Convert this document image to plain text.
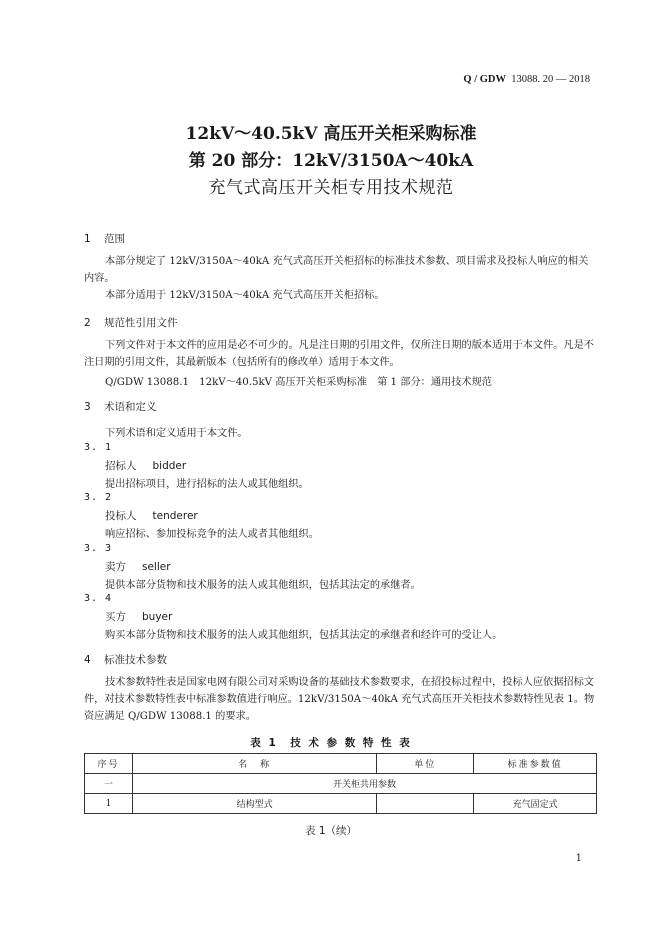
Q / GDW 13088. 20 — 2018
12kV～40.5kV 高压开关柜采购标准
第 20 部分：12kV/3150A～40kA
充气式高压开关柜专用技术规范
1 范围
本部分规定了 12kV/3150A～40kA 充气式高压开关柜招标的标准技术参数、项目需求及投标人响应的相关内容。
本部分适用于 12kV/3150A～40kA 充气式高压开关柜招标。
2 规范性引用文件
下列文件对于本文件的应用是必不可少的。凡是注日期的引用文件，仅所注日期的版本适用于本文件。凡是不注日期的引用文件，其最新版本（包括所有的修改单）适用于本文件。
Q/GDW 13088.1　12kV～40.5kV 高压开关柜采购标准　第 1 部分：通用技术规范
3 术语和定义
下列术语和定义适用于本文件。
3. 1
招标人 bidder
提出招标项目，进行招标的法人或其他组织。
3. 2
投标人 tenderer
响应招标、参加投标竞争的法人或者其他组织。
3. 3
卖方 seller
提供本部分货物和技术服务的法人或其他组织，包括其法定的承继者。
3. 4
买方 buyer
购买本部分货物和技术服务的法人或其他组织，包括其法定的承继者和经许可的受让人。
4 标准技术参数
技术参数特性表是国家电网有限公司对采购设备的基础技术参数要求，在招投标过程中，投标人应依据招标文件，对技术参数特性表中标准参数值进行响应。12kV/3150A～40kA 充气式高压开关柜技术参数特性见表 1。物资应满足 Q/GDW 13088.1 的要求。
表 1　技 术 参 数 特 性 表
序号	名　称	单位	标准参数值
一	开关柜共用参数		
1	结构型式		充气固定式
表 1（续）
1
